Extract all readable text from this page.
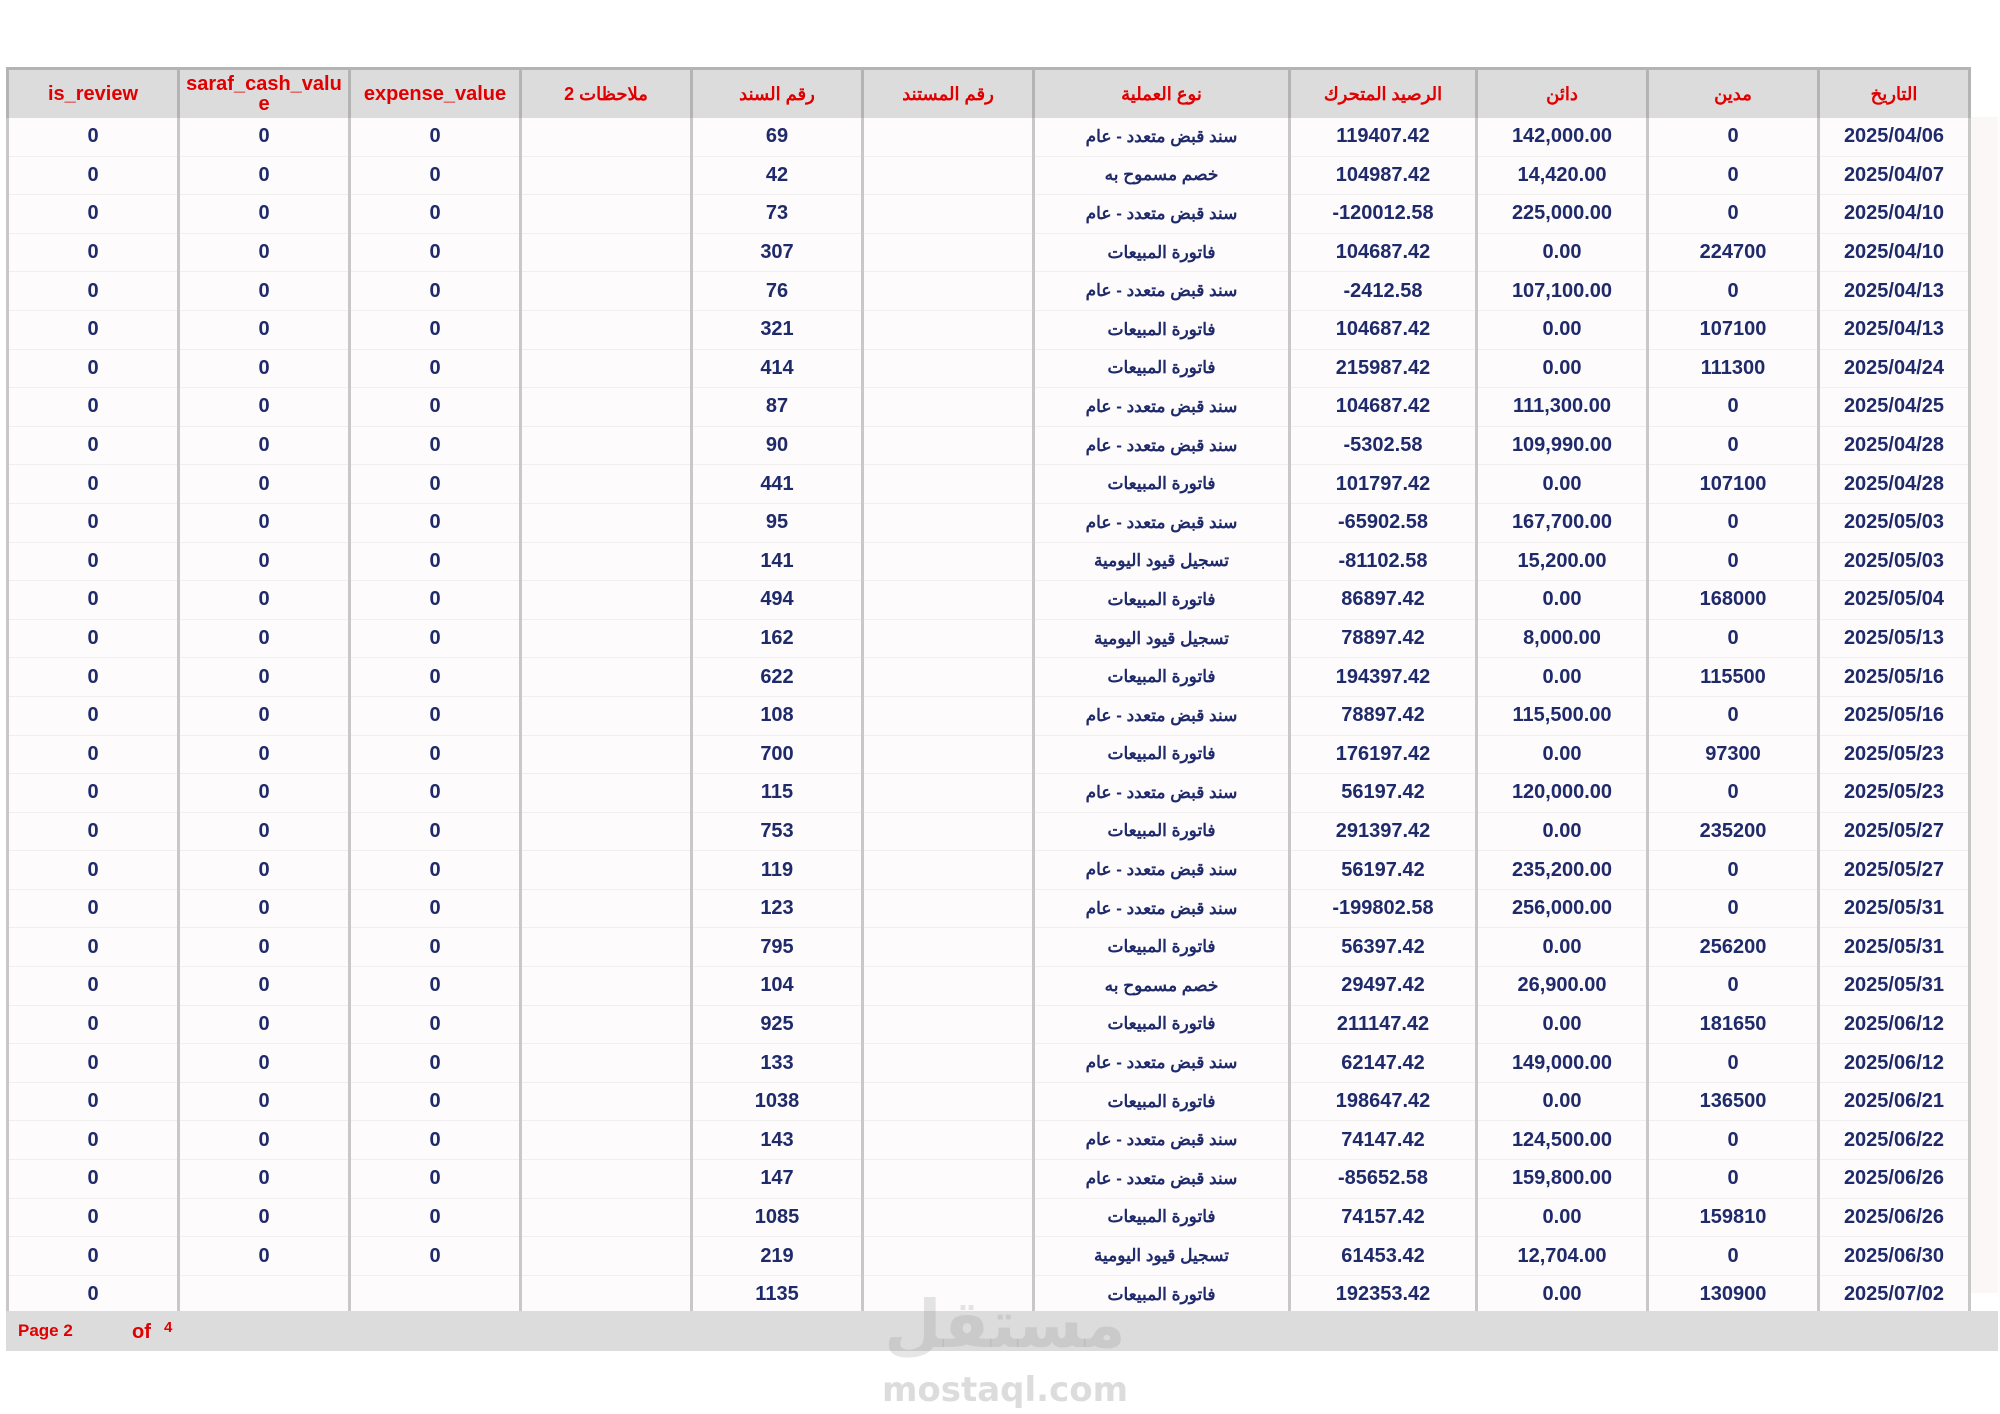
is_review	saraf_cash_value	expense_value	ملاحظات 2	رقم السند	رقم المستند	نوع العملية	الرصيد المتحرك	دائن	مدين	التاريخ
0	0	0		69		سند قبض متعدد - عام	119407.42	142,000.00	0	2025/04/06
0	0	0		42		خصم مسموح به	104987.42	14,420.00	0	2025/04/07
0	0	0		73		سند قبض متعدد - عام	-120012.58	225,000.00	0	2025/04/10
0	0	0		307		فاتورة المبيعات	104687.42	0.00	224700	2025/04/10
0	0	0		76		سند قبض متعدد - عام	-2412.58	107,100.00	0	2025/04/13
0	0	0		321		فاتورة المبيعات	104687.42	0.00	107100	2025/04/13
0	0	0		414		فاتورة المبيعات	215987.42	0.00	111300	2025/04/24
0	0	0		87		سند قبض متعدد - عام	104687.42	111,300.00	0	2025/04/25
0	0	0		90		سند قبض متعدد - عام	-5302.58	109,990.00	0	2025/04/28
0	0	0		441		فاتورة المبيعات	101797.42	0.00	107100	2025/04/28
0	0	0		95		سند قبض متعدد - عام	-65902.58	167,700.00	0	2025/05/03
0	0	0		141		تسجيل قيود اليومية	-81102.58	15,200.00	0	2025/05/03
0	0	0		494		فاتورة المبيعات	86897.42	0.00	168000	2025/05/04
0	0	0		162		تسجيل قيود اليومية	78897.42	8,000.00	0	2025/05/13
0	0	0		622		فاتورة المبيعات	194397.42	0.00	115500	2025/05/16
0	0	0		108		سند قبض متعدد - عام	78897.42	115,500.00	0	2025/05/16
0	0	0		700		فاتورة المبيعات	176197.42	0.00	97300	2025/05/23
0	0	0		115		سند قبض متعدد - عام	56197.42	120,000.00	0	2025/05/23
0	0	0		753		فاتورة المبيعات	291397.42	0.00	235200	2025/05/27
0	0	0		119		سند قبض متعدد - عام	56197.42	235,200.00	0	2025/05/27
0	0	0		123		سند قبض متعدد - عام	-199802.58	256,000.00	0	2025/05/31
0	0	0		795		فاتورة المبيعات	56397.42	0.00	256200	2025/05/31
0	0	0		104		خصم مسموح به	29497.42	26,900.00	0	2025/05/31
0	0	0		925		فاتورة المبيعات	211147.42	0.00	181650	2025/06/12
0	0	0		133		سند قبض متعدد - عام	62147.42	149,000.00	0	2025/06/12
0	0	0		1038		فاتورة المبيعات	198647.42	0.00	136500	2025/06/21
0	0	0		143		سند قبض متعدد - عام	74147.42	124,500.00	0	2025/06/22
0	0	0		147		سند قبض متعدد - عام	-85652.58	159,800.00	0	2025/06/26
0	0	0		1085		فاتورة المبيعات	74157.42	0.00	159810	2025/06/26
0	0	0		219		تسجيل قيود اليومية	61453.42	12,704.00	0	2025/06/30
0				1135		فاتورة المبيعات	192353.42	0.00	130900	2025/07/02
Page 2	of 4	مستقل
mostaql.com
